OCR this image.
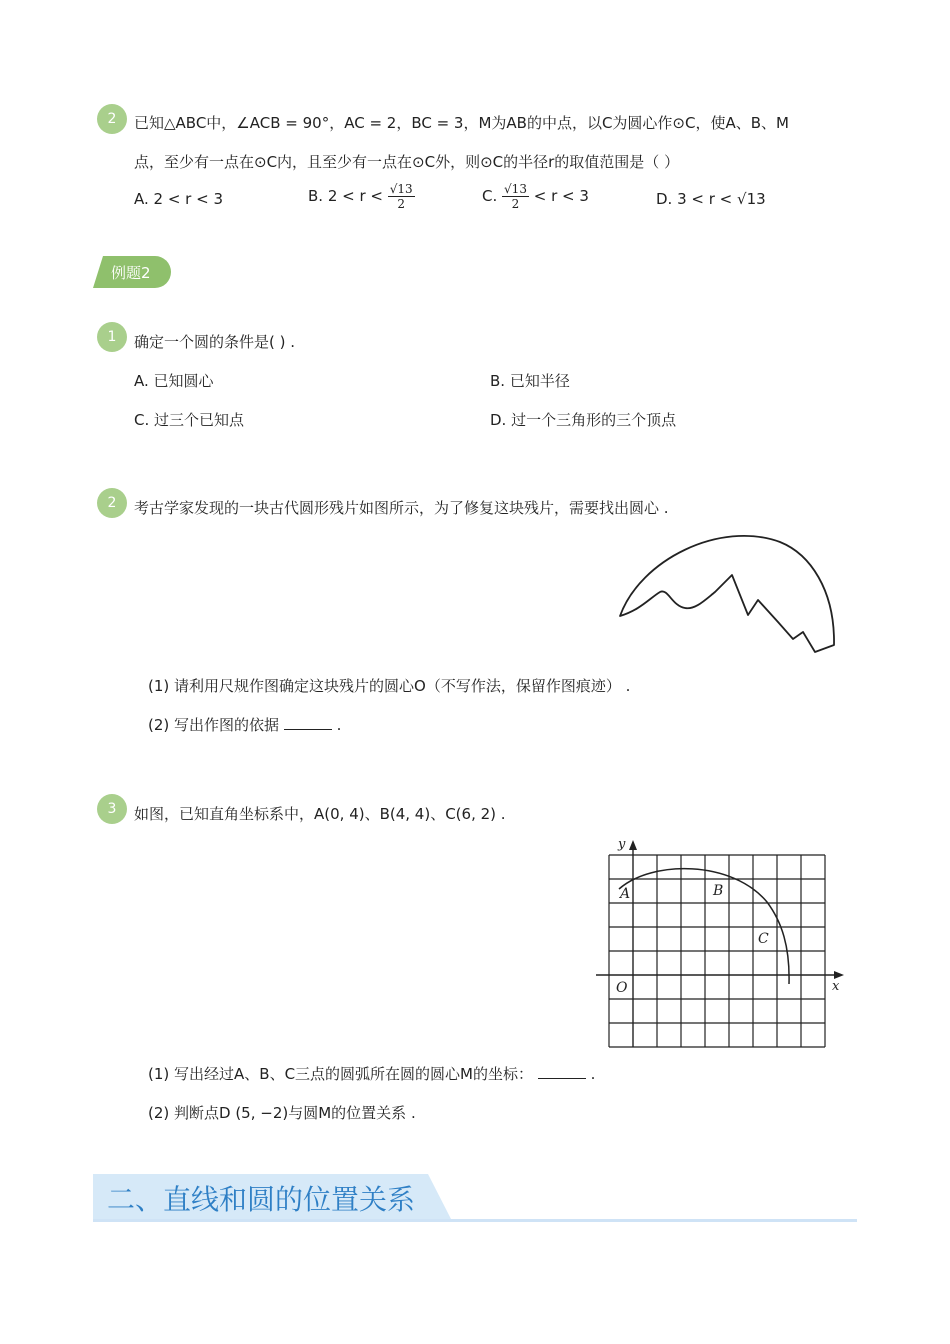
2 已知△ABC中，∠ACB = 90°，AC = 2，BC = 3，M为AB的中点，以C为圆心作⊙C，使A、B、M
点，至少有一点在⊙C内，且至少有一点在⊙C外，则⊙C的半径r的取值范围是（ ）
A. 2 < r < 3	B. $2 < r < \frac{√13}{2}$	C. $\frac{√13}{2} < r < 3$	D. 3 < r < √13
例题2
1 确定一个圆的条件是( ) .
A. 已知圆心	B. 已知半径
C. 过三个已知点	D. 过一个三角形的三个顶点
2 考古学家发现的一块古代圆形残片如图所示，为了修复这块残片，需要找出圆心 .
(1) 请利用尺规作图确定这块残片的圆心O（不写作法，保留作图痕迹） .
(2) 写出作图的依据	.
3 如图，已知直角坐标系中，A(0, 4)、B(4, 4)、C(6, 2) .
x
y
O
A	B
C
(1) 写出经过A、B、C三点的圆弧所在圆的圆心M的坐标：	.
(2) 判断点D (5, −2)与圆M的位置关系 .
二、直线和圆的位置关系
